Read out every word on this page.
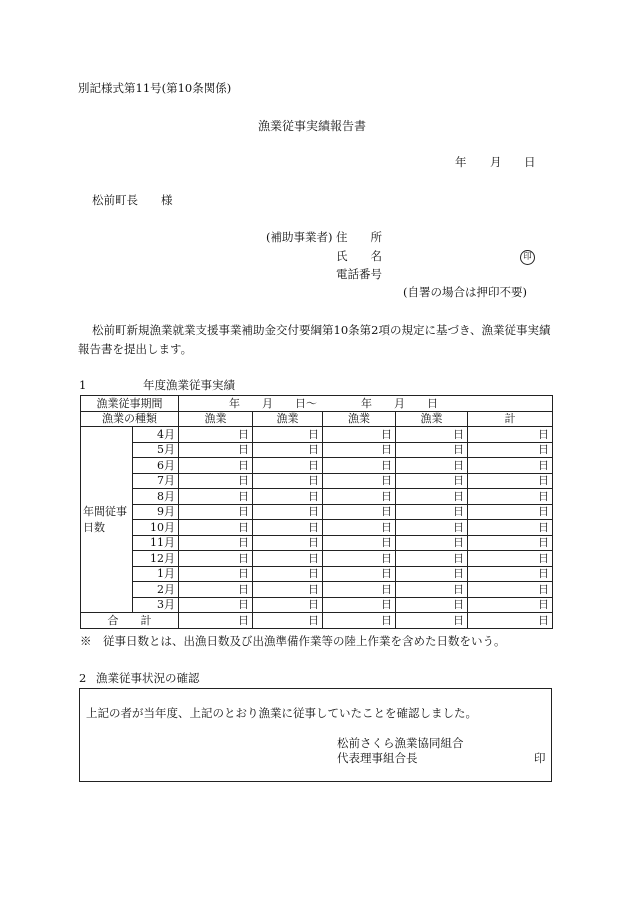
別記様式第11号(第10条関係)
漁業従事実績報告書
年 月 日
松前町長 様
(補助事業者) 住　　所
氏　　名	印
電話番号
(自署の場合は押印不要)
松前町新規漁業就業支援事業補助金交付要綱第10条第2項の規定に基づき、漁業従事実績
報告書を提出します。
1	年度漁業従事実績
漁業従事期間		年　　月　　日〜　　　　年　　月　　日				
漁業の種類		漁業	漁業	漁業	漁業	計

年間従事
日数	4月	日	日	日	日	日
	5月	日	日	日	日	日
	6月	日	日	日	日	日
	7月	日	日	日	日	日
	8月	日	日	日	日	日
	9月	日	日	日	日	日
	10月	日	日	日	日	日
	11月	日	日	日	日	日
	12月	日	日	日	日	日
	1月	日	日	日	日	日
	2月	日	日	日	日	日
	3月	日	日	日	日	日
合　　計		日	日	日	日	日
※　従事日数とは、出漁日数及び出漁準備作業等の陸上作業を含めた日数をいう。
2 漁業従事状況の確認
上記の者が当年度、上記のとおり漁業に従事していたことを確認しました。
松前さくら漁業協同組合
代表理事組合長	印
